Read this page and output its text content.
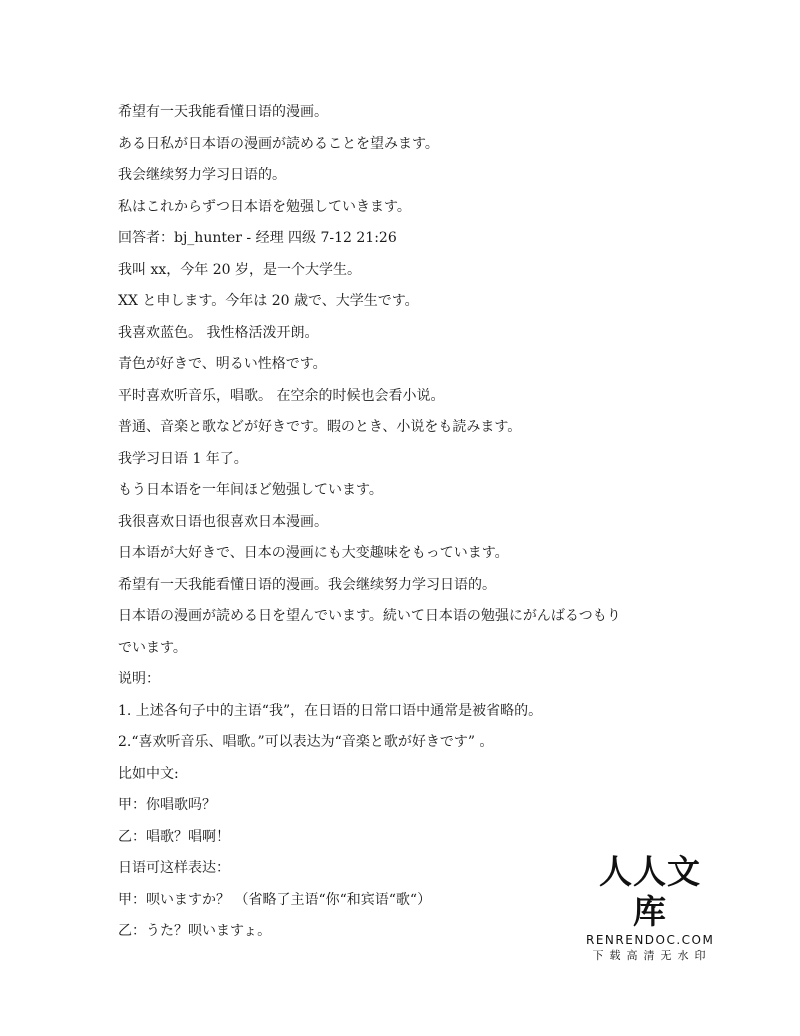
希望有一天我能看懂日语的漫画。
ある日私が日本语の漫画が読めることを望みます。
我会继续努力学习日语的。
私はこれからずつ日本语を勉强していきます。
回答者：bj_hunter - 经理 四级 7-12 21:26
我叫 xx，今年 20 岁，是一个大学生。
XX と申します。今年は 20 歳で、大学生です。
我喜欢蓝色。 我性格活泼开朗。
青色が好きで、明るい性格です。
平时喜欢听音乐，唱歌。 在空余的时候也会看小说。
普通、音楽と歌などが好きです。暇のとき、小说をも読みます。
我学习日语 1 年了。
もう日本语を一年间ほど勉强しています。
我很喜欢日语也很喜欢日本漫画。
日本语が大好きで、日本の漫画にも大变趣味をもっています。
希望有一天我能看懂日语的漫画。我会继续努力学习日语的。
日本语の漫画が読める日を望んでいます。続いて日本语の勉强にがんばるつもり
でいます。
说明：
1. 上述各句子中的主语“我”，在日语的日常口语中通常是被省略的。
2.“喜欢听音乐、唱歌。”可以表达为“音楽と歌が好きです” 。
比如中文:
甲：你唱歌吗？
乙：唱歌？唱啊！
日语可这样表达：
甲：呗いますか？ （省略了主语“你“和宾语“歌“）
乙：うた？呗いますょ。
人人文库
RENRENDOC.COM
下载高清无水印
